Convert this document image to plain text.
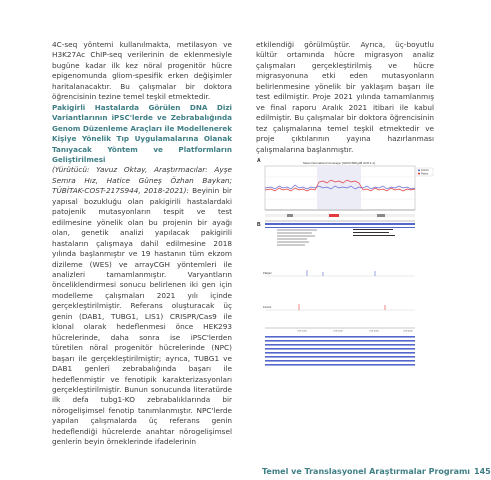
4C-seq yöntemi kullanılmakta, metilasyon ve H3K27Ac ChIP-seq verilerinin de eklenmesiyle bugüne kadar ilk kez nöral progenitör hücre epigenomunda gliom-spesifik erken değişimler haritalanacaktır. Bu çalışmalar bir doktora öğrencisinin tezine temel teşkil etmektedir.

Pakigirli Hastalarda Görülen DNA Dizi Variantlarının iPSC'lerde ve Zebrabalığında Genom Düzenleme Araçları ile Modellenerek Kişiye Yönelik Tıp Uygulamalarına Olanak Tanıyacak Yöntem ve Platformların Geliştirilmesi

(Yürütücü: Yavuz Oktay, Araştırmacılar: Ayşe Semra Hız, Hatice Güneş Özhan Baykan; TÜBİTAK-COST-217S944, 2018-2021): Beyinin bir yapısal bozukluğu olan pakigirili hastalardaki patojenik mutasyonların tespit ve test edilmesine yönelik olan bu projenin bir ayağı olan, genetik analizi yapılacak pakigirili hastaların çalışmaya dahil edilmesine 2018 yılında başlanmıştır ve 19 hastanın tüm ekzom dizileme (WES) ve arrayCGH yöntemleri ile analizleri tamamlanmıştır. Varyantların önceliklendirmesi sonucu belirlenen iki gen için modelleme çalışmaları 2021 yılı içinde gerçekleştirilmiştir. Referans oluşturacak üç genin (DAB1, TUBG1, LIS1) CRISPR/Cas9 ile klonal olarak hedeflenmesi önce HEK293 hücrelerinde, daha sonra ise iPSC'lerden türetilen nöral progenitör hücrelerinde (NPC) başarı ile gerçekleştirilmiştir; ayrıca, TUBG1 ve DAB1 genleri zebrabalığında başarı ile hedeflenmiştir ve fenotipik karakterizasyonları gerçekleştirilmiştir. Bunun sonucunda literatürde ilk defa tubg1-KO zebrabalıklarında bir nörogelişimsel fenotip tanımlanmıştır. NPC'lerde yapılan çalışmalarda üç referans genin hedeflendiği hücrelerde anahtar nörogelişimsel genlerin beyin örneklerinde ifadelerinin

etkilendiği görülmüştür. Ayrıca, üç-boyutlu kültür ortamında hücre migrasyon analiz çalışmaları gerçekleştirilmiş ve hücre migrasyonuna etki eden mutasyonların belirlenmesine yönelik bir yaklaşım başarı ile test edilmiştir. Proje 2021 yılında tamamlanmış ve final raporu Aralık 2021 itibari ile kabul edilmiştir. Bu çalışmalar bir doktora öğrencisinin tez çalışmalarına temel teşkil etmektedir ve proje çıktılarının yayına hazırlanması çalışmalarına başlanmıştır.

Mean Normalized Coverage: [GRCh38/hg38 chr8:1-1]
Control
Patient
Pakigiri
Kontrol
chr8:1000	chr8:2000	chr8:3000	chr8:4000
A
B
Temel ve Translasyonel Araştırmalar Programı 145
